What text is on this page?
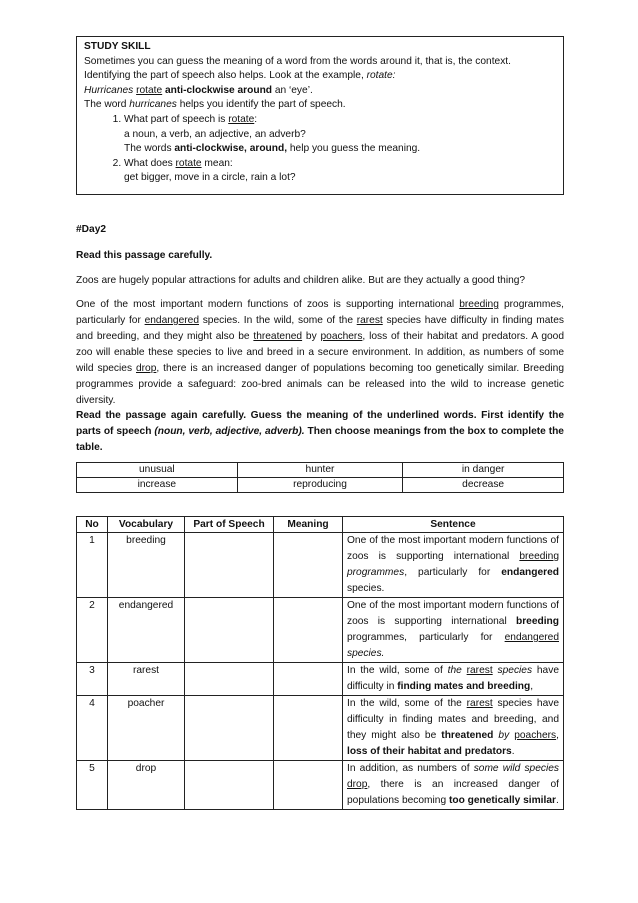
STUDY SKILL

Sometimes you can guess the meaning of a word from the words around it, that is, the context.

Identifying the part of speech also helps. Look at the example, rotate:

Hurricanes rotate anti-clockwise around an ‘eye’.

The word hurricanes helps you identify the part of speech.

1. What part of speech is rotate:
a noun, a verb, an adjective, an adverb?
The words anti-clockwise, around, help you guess the meaning.
2. What does rotate mean:
get bigger, move in a circle, rain a lot?

#Day2

Read this passage carefully.

Zoos are hugely popular attractions for adults and children alike. But are they actually a good thing?

One of the most important modern functions of zoos is supporting international breeding programmes, particularly for endangered species. In the wild, some of the rarest species have difficulty in finding mates and breeding, and they might also be threatened by poachers, loss of their habitat and predators. A good zoo will enable these species to live and breed in a secure environment. In addition, as numbers of some wild species drop, there is an increased danger of populations becoming too genetically similar. Breeding programmes provide a safeguard: zoo-bred animals can be released into the wild to increase genetic diversity.

Read the passage again carefully. Guess the meaning of the underlined words. First identify the parts of speech (noun, verb, adjective, adverb). Then choose meanings from the box to complete the table.

unusual	hunter	in danger
increase	reproducing	decrease
No	Vocabulary	Part of Speech	Meaning	Sentence
1	breeding			One of the most important modern functions of zoos is supporting international breeding programmes, particularly for endangered species.
2	endangered			One of the most important modern functions of zoos is supporting international breeding programmes, particularly for endangered species.
3	rarest			In the wild, some of the rarest species have difficulty in finding mates and breeding,
4	poacher			In the wild, some of the rarest species have difficulty in finding mates and breeding, and they might also be threatened by poachers, loss of their habitat and predators.
5	drop			In addition, as numbers of some wild species drop, there is an increased danger of populations becoming too genetically similar.
